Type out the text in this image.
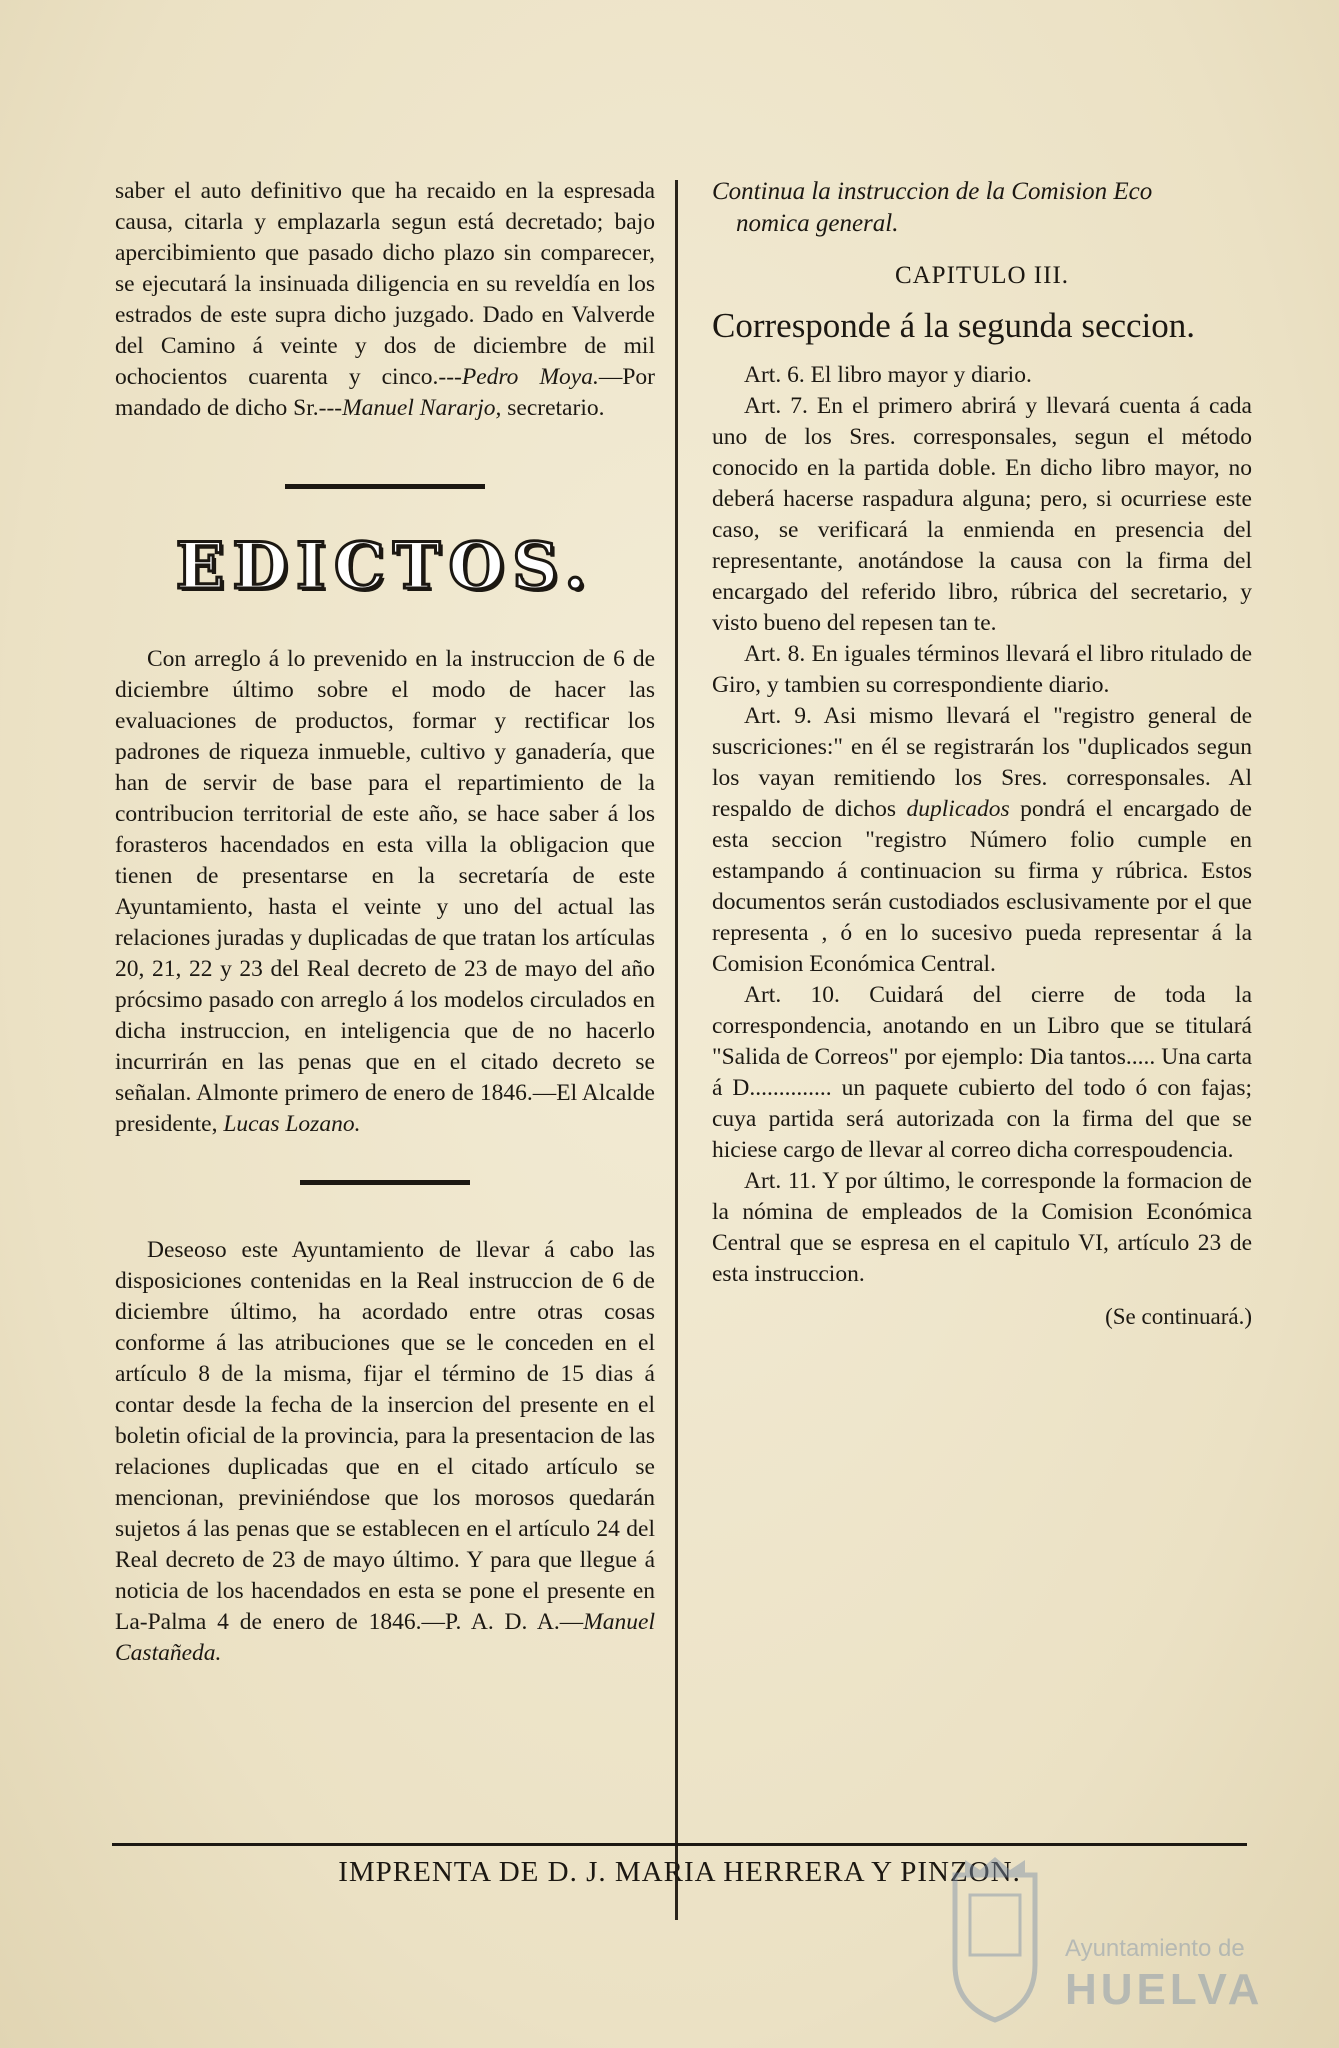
saber el auto definitivo que ha recaido en la espresada causa, citarla y emplazarla segun está decretado; bajo apercibimiento que pasado dicho plazo sin comparecer, se ejecutará la insinuada diligencia en su reveldía en los estrados de este supra dicho juzgado. Dado en Valverde del Camino á veinte y dos de diciembre de mil ochocientos cuarenta y cinco.---Pedro Moya.—Por mandado de dicho Sr.---Manuel Nararjo, secretario.

EDICTOS.

Con arreglo á lo prevenido en la instruccion de 6 de diciembre último sobre el modo de hacer las evaluaciones de productos, formar y rectificar los padrones de riqueza inmueble, cultivo y ganadería, que han de servir de base para el repartimiento de la contribucion territorial de este año, se hace saber á los forasteros hacendados en esta villa la obligacion que tienen de presentarse en la secretaría de este Ayuntamiento, hasta el veinte y uno del actual las relaciones juradas y duplicadas de que tratan los artículas 20, 21, 22 y 23 del Real decreto de 23 de mayo del año prócsimo pasado con arreglo á los modelos circulados en dicha instruccion, en inteligencia que de no hacerlo incurrirán en las penas que en el citado decreto se señalan. Almonte primero de enero de 1846.—El Alcalde presidente, Lucas Lozano.

Deseoso este Ayuntamiento de llevar á cabo las disposiciones contenidas en la Real instruccion de 6 de diciembre último, ha acordado entre otras cosas conforme á las atribuciones que se le conceden en el artículo 8 de la misma, fijar el término de 15 dias á contar desde la fecha de la insercion del presente en el boletin oficial de la provincia, para la presentacion de las relaciones duplicadas que en el citado artículo se mencionan, previniéndose que los morosos quedarán sujetos á las penas que se establecen en el artículo 24 del Real decreto de 23 de mayo último. Y para que llegue á noticia de los hacendados en esta se pone el presente en La-Palma 4 de enero de 1846.—P. A. D. A.—Manuel Castañeda.

Continua la instruccion de la Comision Eco
nomica general.
CAPITULO III.
Corresponde á la segunda seccion.

Art. 6. El libro mayor y diario.

Art. 7. En el primero abrirá y llevará cuenta á cada uno de los Sres. corresponsales, segun el método conocido en la partida doble. En dicho libro mayor, no deberá hacerse raspadura alguna; pero, si ocurriese este caso, se verificará la enmienda en presencia del representante, anotándose la causa con la firma del encargado del referido libro, rúbrica del secretario, y visto bueno del repesen tan te.

Art. 8. En iguales términos llevará el libro ritulado de Giro, y tambien su correspondiente diario.

Art. 9. Asi mismo llevará el "registro general de suscriciones:" en él se registrarán los "duplicados segun los vayan remitiendo los Sres. corresponsales. Al respaldo de dichos duplicados pondrá el encargado de esta seccion "registro Número folio cumple en estampando á continuacion su firma y rúbrica. Estos documentos serán custodiados esclusivamente por el que representa , ó en lo sucesivo pueda representar á la Comision Económica Central.

Art. 10. Cuidará del cierre de toda la correspondencia, anotando en un Libro que se titulará "Salida de Correos" por ejemplo: Dia tantos..... Una carta á D.............. un paquete cubierto del todo ó con fajas; cuya partida será autorizada con la firma del que se hiciese cargo de llevar al correo dicha correspoudencia.

Art. 11. Y por último, le corresponde la formacion de la nómina de empleados de la Comision Económica Central que se espresa en el capitulo VI, artículo 23 de esta instruccion.

(Se continuará.)
IMPRENTA DE D. J. MARIA HERRERA Y PINZON.
Ayuntamiento de
HUELVA
